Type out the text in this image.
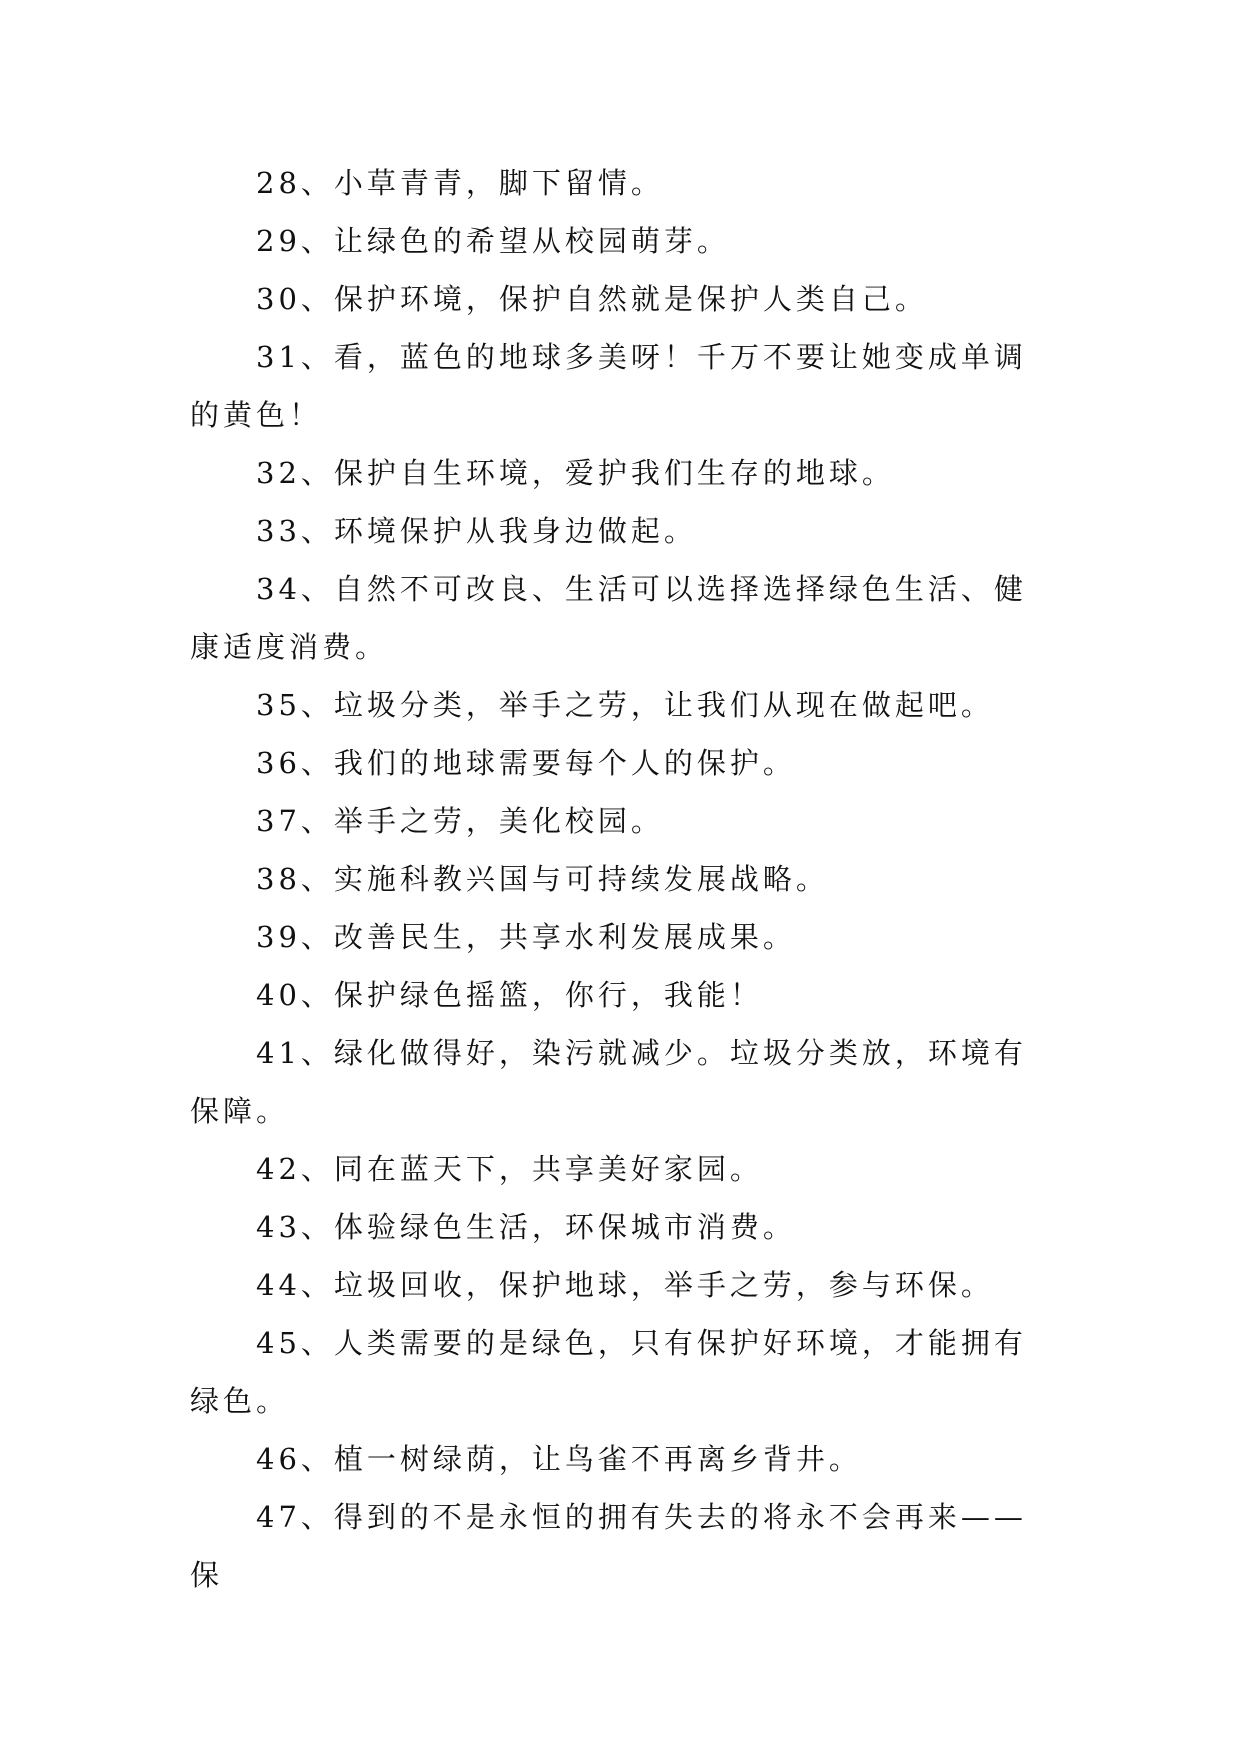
28、小草青青，脚下留情。

29、让绿色的希望从校园萌芽。

30、保护环境，保护自然就是保护人类自己。

31、看，蓝色的地球多美呀！千万不要让她变成单调的黄色！

32、保护自生环境，爱护我们生存的地球。

33、环境保护从我身边做起。

34、自然不可改良、生活可以选择选择绿色生活、健康适度消费。

35、垃圾分类，举手之劳，让我们从现在做起吧。

36、我们的地球需要每个人的保护。

37、举手之劳，美化校园。

38、实施科教兴国与可持续发展战略。

39、改善民生，共享水利发展成果。

40、保护绿色摇篮，你行，我能！

41、绿化做得好，染污就减少。垃圾分类放，环境有保障。

42、同在蓝天下，共享美好家园。

43、体验绿色生活，环保城市消费。

44、垃圾回收，保护地球，举手之劳，参与环保。

45、人类需要的是绿色，只有保护好环境，才能拥有绿色。

46、植一树绿荫，让鸟雀不再离乡背井。

47、得到的不是永恒的拥有失去的将永不会再来——保
